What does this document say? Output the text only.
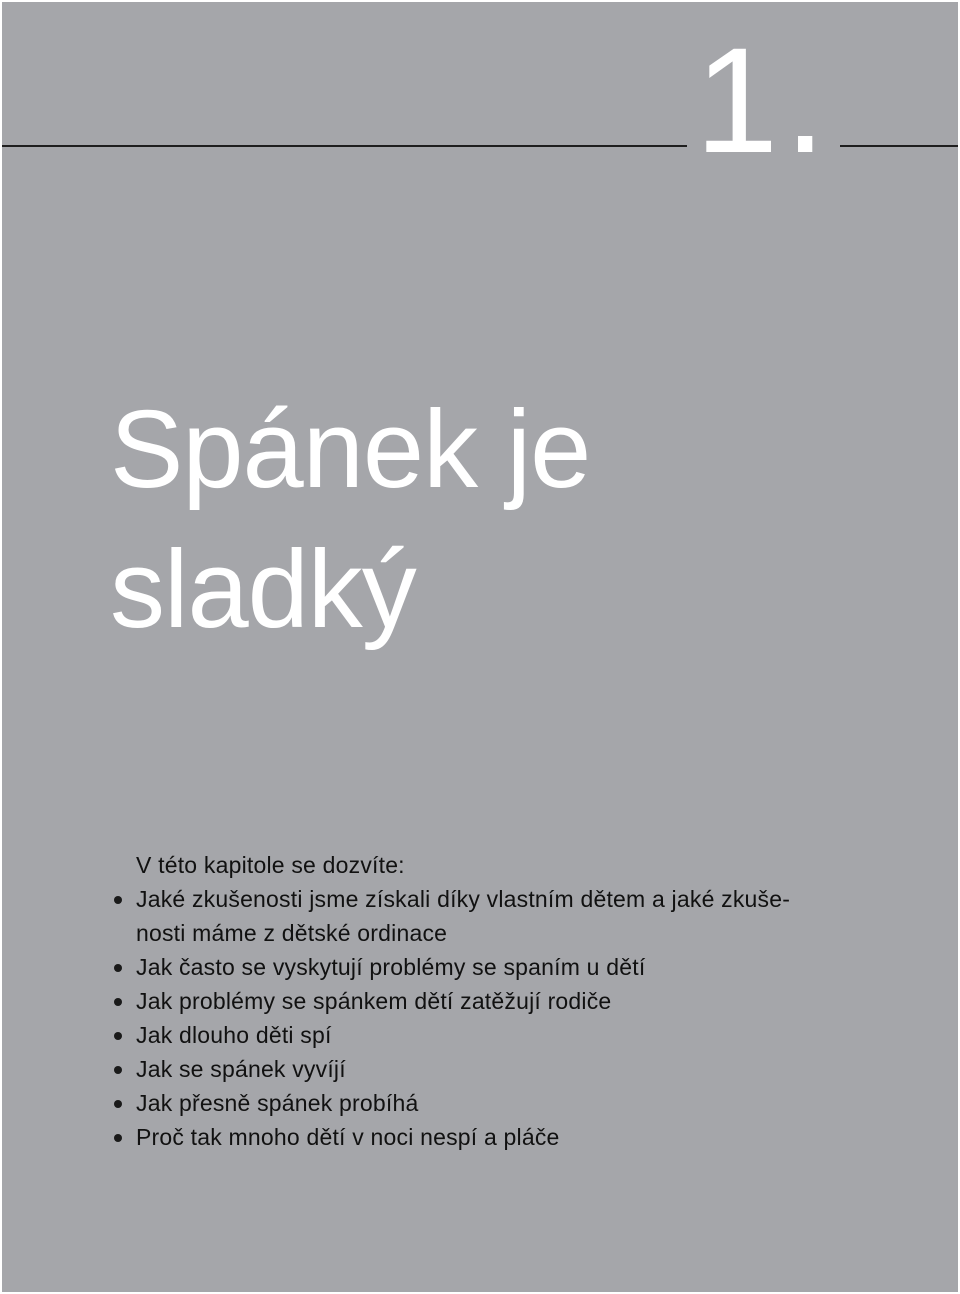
1.
Spánek je
sladký

V této kapitole se dozvíte:

Jaké zkušenosti jsme získali díky vlastním dětem a jaké zkuše-nosti máme z dětské ordinace
Jak často se vyskytují problémy se spaním u dětí
Jak problémy se spánkem dětí zatěžují rodiče
Jak dlouho děti spí
Jak se spánek vyvíjí
Jak přesně spánek probíhá
Proč tak mnoho dětí v noci nespí a pláče
